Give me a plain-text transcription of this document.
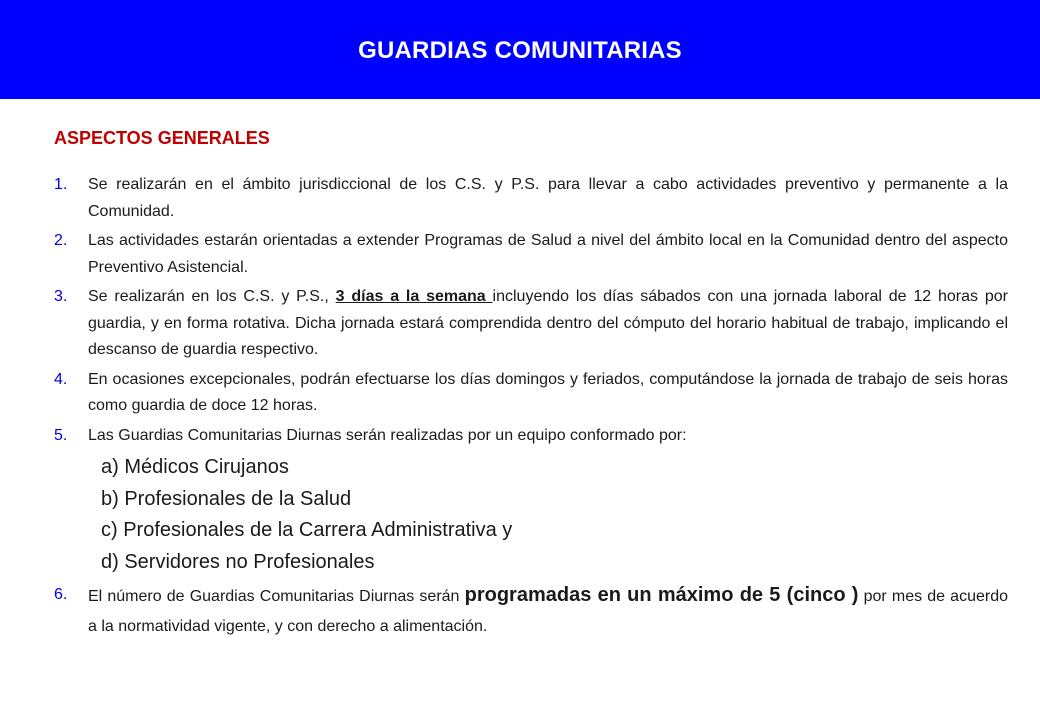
GUARDIAS COMUNITARIAS
ASPECTOS GENERALES
1.	Se realizarán en el ámbito jurisdiccional de los C.S. y P.S. para llevar a cabo actividades preventivo y permanente a la Comunidad.
2.	Las actividades estarán orientadas a extender Programas de Salud a nivel del ámbito local en la Comunidad dentro del aspecto Preventivo Asistencial.
3.	Se realizarán en los C.S. y P.S., 3 días a la semana incluyendo los días sábados con una jornada laboral de 12 horas por guardia, y en forma rotativa. Dicha jornada estará comprendida dentro del cómputo del horario habitual de trabajo, implicando el descanso de guardia respectivo.
4.	En ocasiones excepcionales, podrán efectuarse los días domingos y feriados, computándose la jornada de trabajo de seis horas como guardia de doce 12 horas.
5.	Las Guardias Comunitarias Diurnas serán realizadas por un equipo conformado por:
a) Médicos Cirujanos
b) Profesionales de la Salud
c) Profesionales de la Carrera Administrativa y
d) Servidores no Profesionales
6.	El número de Guardias Comunitarias Diurnas serán programadas en un máximo de 5 (cinco ) por mes de acuerdo a la normatividad vigente, y con derecho a alimentación.
